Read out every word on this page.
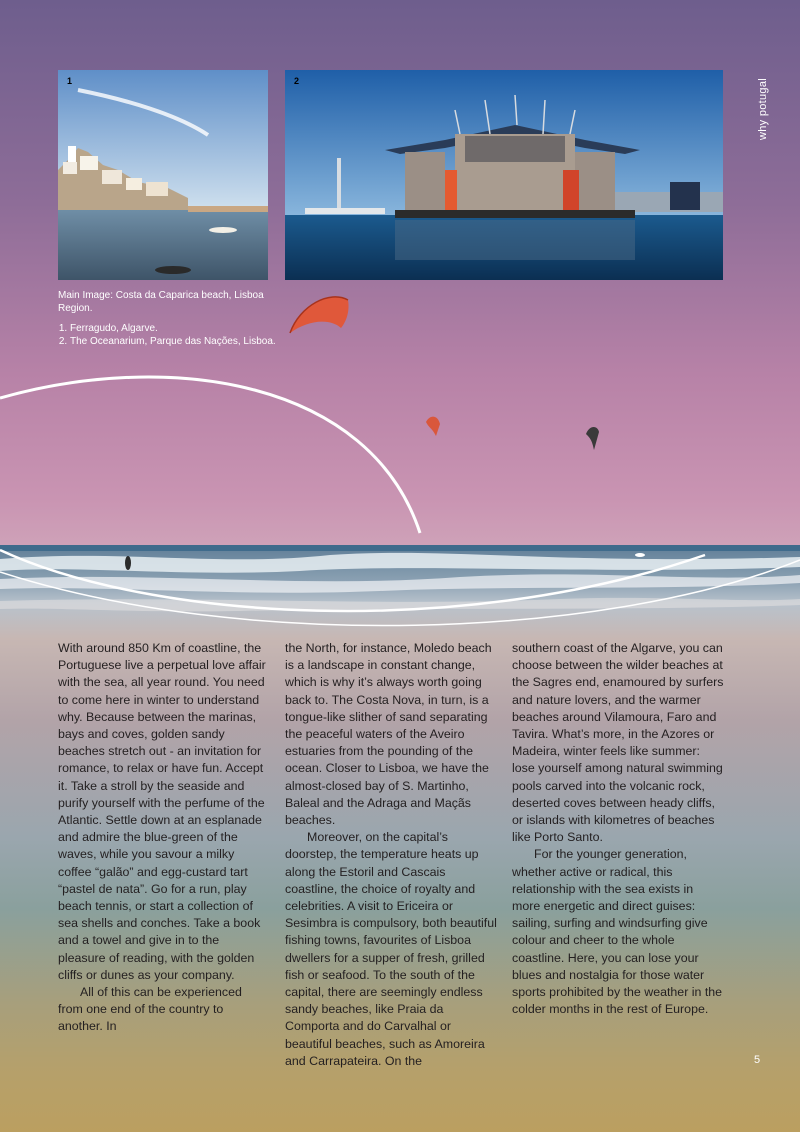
1	2

Main Image: Costa da Caparica beach, Lisboa Region.

1. Ferragudo, Algarve.
2. The Oceanarium, Parque das Nações, Lisboa.
why potugal

With around 850 Km of coastline, the Portuguese live a perpetual love affair with the sea, all year round. You need to come here in winter to understand why. Because between the marinas, bays and coves, golden sandy beaches stretch out - an invitation for romance, to relax or have fun. Accept it. Take a stroll by the seaside and purify yourself with the perfume of the Atlantic. Settle down at an esplanade and admire the blue-green of the waves, while you savour a milky coffee “galão” and egg-custard tart “pastel de nata”. Go for a run, play beach tennis, or start a collection of sea shells and conches. Take a book and a towel and give in to the pleasure of reading, with the golden cliffs or dunes as your company.

All of this can be experienced from one end of the country to another. In

the North, for instance, Moledo beach is a landscape in constant change, which is why it’s always worth going back to. The Costa Nova, in turn, is a tongue-like slither of sand separating the peaceful waters of the Aveiro estuaries from the pounding of the ocean. Closer to Lisboa, we have the almost-closed bay of S. Martinho, Baleal and the Adraga and Maçãs beaches.

Moreover, on the capital’s doorstep, the temperature heats up along the Estoril and Cascais coastline, the choice of royalty and celebrities. A visit to Ericeira or Sesimbra is compulsory, both beautiful fishing towns, favourites of Lisboa dwellers for a supper of fresh, grilled fish or seafood. To the south of the capital, there are seemingly endless sandy beaches, like Praia da Comporta and do Carvalhal or beautiful beaches, such as Amoreira and Carrapateira. On the

southern coast of the Algarve, you can choose between the wilder beaches at the Sagres end, enamoured by surfers and nature lovers, and the warmer beaches around Vilamoura, Faro and Tavira. What’s more, in the Azores or Madeira, winter feels like summer: lose yourself among natural swimming pools carved into the volcanic rock, deserted coves between heady cliffs, or islands with kilometres of beaches like Porto Santo.

For the younger generation, whether active or radical, this relationship with the sea exists in more energetic and direct guises: sailing, surfing and windsurfing give colour and cheer to the whole coastline. Here, you can lose your blues and nostalgia for those water sports prohibited by the weather in the colder months in the rest of Europe.

5
